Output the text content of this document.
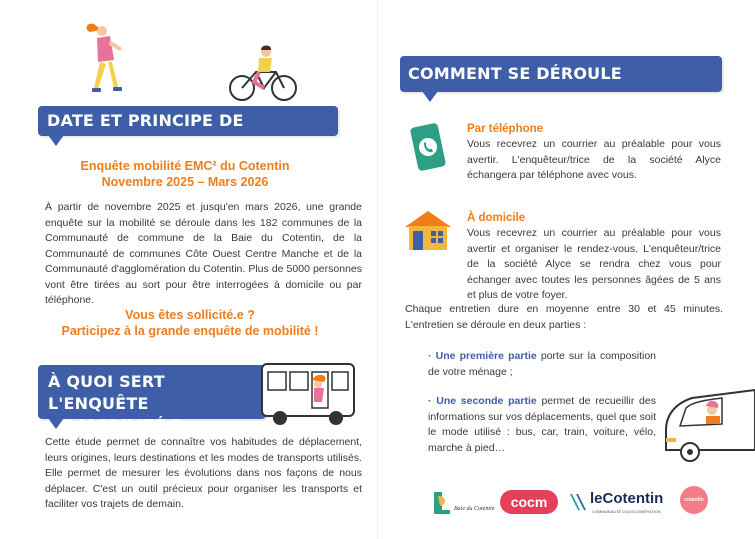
DATE ET PRINCIPE DE L'ENQUÊTE
Enquête mobilité EMC² du Cotentin
Novembre 2025 – Mars 2026

À partir de novembre 2025 et jusqu'en mars 2026, une grande enquête sur la mobilité se déroule dans les 182 communes de la Communauté de commune de la Baie du Cotentin, de la Communauté de communes Côte Ouest Centre Manche et de la Communauté d'agglomération du Cotentin. Plus de 5000 personnes vont être tirées au sort pour être interrogées à domicile ou par téléphone.

Vous êtes sollicité.e ?
Participez à la grande enquête de mobilité !
À QUOI SERT L'ENQUÊTE
DE MOBILITÉ ?

Cette étude permet de connaître vos habitudes de déplacement, leurs origines, leurs destinations et les modes de transports utilisés. Elle permet de mesurer les évolutions dans nos façons de nous déplacer. C'est un outil précieux pour organiser les transports et faciliter vos trajets de demain.

COMMENT SE DÉROULE L'ENQUÊTE ?
Par téléphone

Vous recevrez un courrier au préalable pour vous avertir. L'enquêteur/trice de la société Alyce échangera par téléphone avec vous.

À domicile

Vous recevrez un courrier au préalable pour vous avertir et organiser le rendez-vous. L'enquêteur/trice de la société Alyce se rendra chez vous pour échanger avec toutes les personnes âgées de 5 ans et plus de votre foyer.

Chaque entretien dure en moyenne entre 30 et 45 minutes. L'entretien se déroule en deux parties :

· Une première partie porte sur la composition de votre ménage ;

· Une seconde partie permet de recueillir des informations sur vos déplacements, quel que soit le mode utilisé : bus, car, train, voiture, vélo, marche à pied…

Baie du Cotentin	cocm	leCotentin
COMMUNAUTÉ D'AGGLOMÉRATION
cotentin
